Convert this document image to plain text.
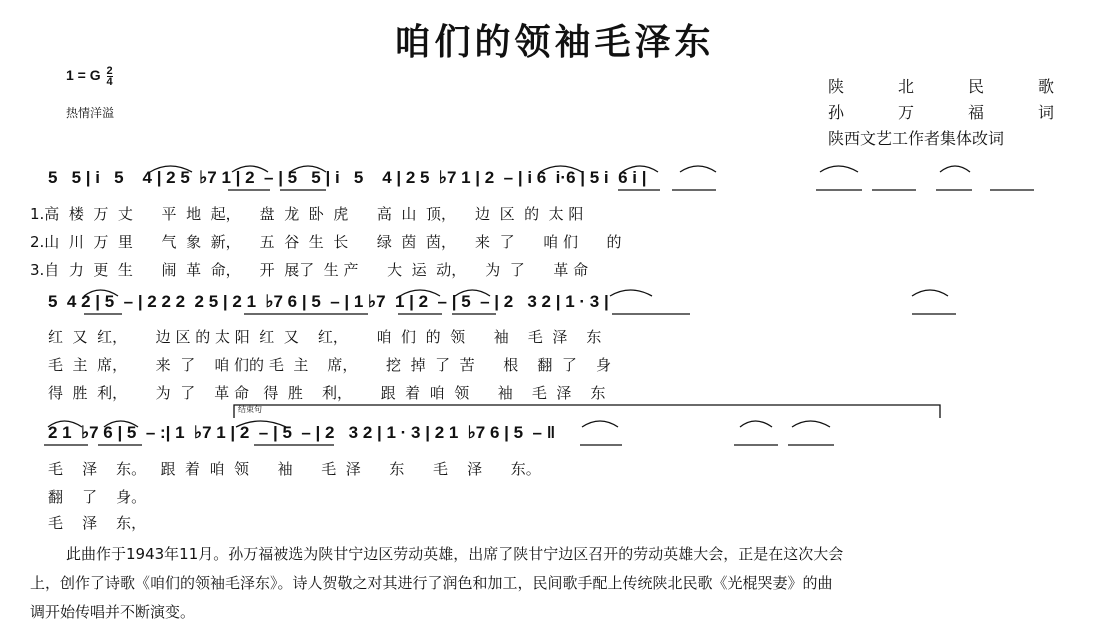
咱们的领袖毛泽东
1 = G $\frac{2}{4}$
热情洋溢
陕	北	民	歌
孙	万	福	词
陕西文艺工作者集体改词
5   5 | i   5    4 | 2 5  ♭7 1 | 2  – | 5   5 | i   5    4 | 2 5  ♭7 1 | 2  – | i 6  i·6 | 5 i  6 i |
1.高  楼  万  丈      平  地  起，    盘  龙  卧  虎      高  山  顶，    边  区  的  太 阳
2.山  川  万  里      气  象  新，    五  谷  生  长      绿  茵  茵，    来  了      咱 们      的
3.自  力  更  生      闹  革  命，    开  展了  生 产      大  运  动，    为  了      革 命
5  4 2 | 5  – | 2 2 2  2 5 | 2 1  ♭7 6 | 5  – | 1 ♭7  1 | 2  – | 5  – | 2   3 2 | 1 · 3 |
红  又  红，      边 区 的 太 阳  红  又    红，      咱  们  的  领      袖    毛  泽    东
毛  主  席，      来  了    咱 们的 毛  主    席，      挖  掉  了  苦      根    翻  了    身
得  胜  利，      为  了    革 命   得  胜    利，      跟  着  咱  领      袖    毛  泽    东
结束句
2 1  ♭7 6 | 5  – :| 1  ♭7 1 | 2  – | 5  – | 2   3 2 | 1 · 3 | 2 1  ♭7 6 | 5  – ‖
毛    泽    东。   跟  着  咱  领      袖      毛  泽      东      毛    泽      东。
翻    了    身。
毛    泽    东，
此曲作于1943年11月。孙万福被选为陕甘宁边区劳动英雄，出席了陕甘宁边区召开的劳动英雄大会，正是在这次大会
上，创作了诗歌《咱们的领袖毛泽东》。诗人贺敬之对其进行了润色和加工，民间歌手配上传统陕北民歌《光棍哭妻》的曲
调开始传唱并不断演变。
